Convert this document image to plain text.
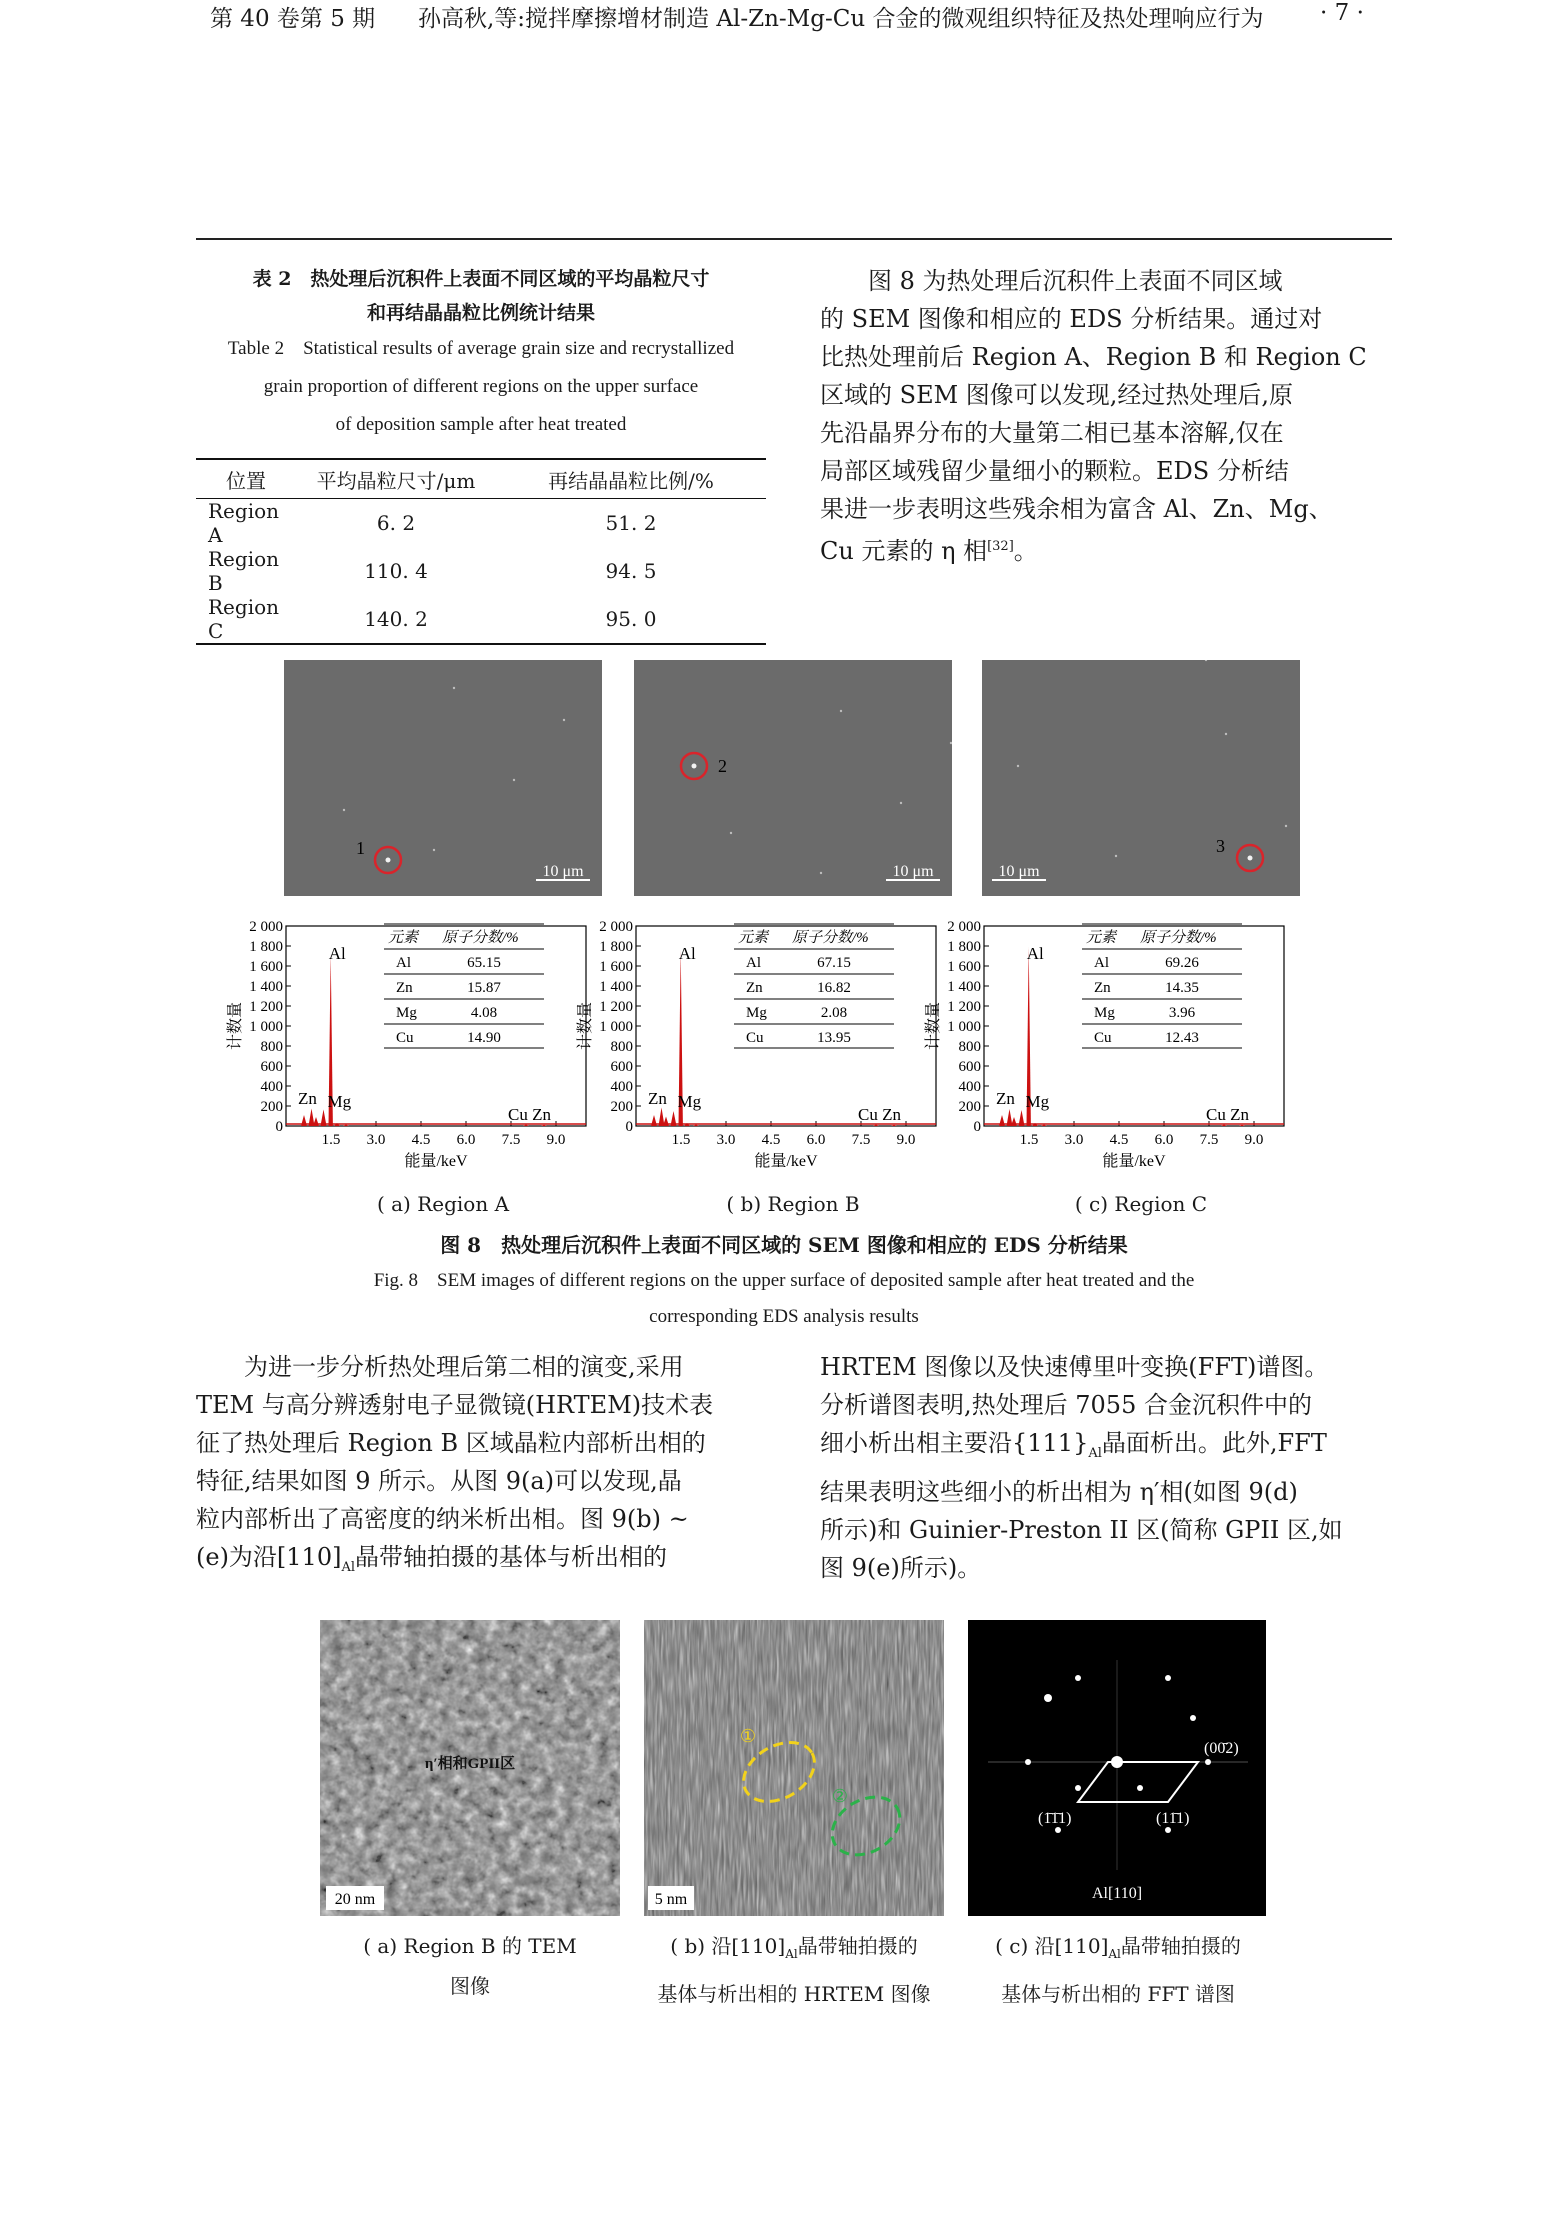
第 40 卷第 5 期 孙高秋,等:搅拌摩擦增材制造 Al-Zn-Mg-Cu 合金的微观组织特征及热处理响应行为 · 7 ·
表 2　热处理后沉积件上表面不同区域的平均晶粒尺寸
和再结晶晶粒比例统计结果
Table 2　Statistical results of average grain size and recrystallized
grain proportion of different regions on the upper surface
of deposition sample after heat treated
位置	平均晶粒尺寸/μm	再结晶晶粒比例/%
Region A	6. 2	51. 2
Region B	110. 4	94. 5
Region C	140. 2	95. 0

图 8 为热处理后沉积件上表面不同区域

的 SEM 图像和相应的 EDS 分析结果。通过对

比热处理前后 Region A、Region B 和 Region C

区域的 SEM 图像可以发现,经过热处理后,原

先沿晶界分布的大量第二相已基本溶解,仅在

局部区域残留少量细小的颗粒。EDS 分析结

果进一步表明这些残余相为富含 Al、Zn、Mg、

Cu 元素的 η 相[32]。

1
10 μm
2 000
1 800
1 600
1 400
1 200
1 000
800
600
400
200
0
1.5 3.0 4.5 6.0 7.5 9.0
计数量
能量/keV
Al
Zn Mg
Cu Zn
元素 原子分数/%
Al	65.15
Zn	15.87
Mg	4.08
Cu	14.90
( a) Region A
2
10 μm
2 000
1 800
1 600
1 400
1 200
1 000
800
600
400
200
0
1.5 3.0 4.5 6.0 7.5 9.0
计数量
能量/keV
Al
Zn Mg
Cu Zn
元素 原子分数/%
Al	67.15
Zn	16.82
Mg	2.08
Cu	13.95
( b) Region B
3
10 μm
2 000
1 800
1 600
1 400
1 200
1 000
800
600
400
200
0
1.5 3.0 4.5 6.0 7.5 9.0
计数量
能量/keV
Al
Zn Mg
Cu Zn
元素 原子分数/%
Al	69.26
Zn	14.35
Mg	3.96
Cu	12.43
( c) Region C
图 8　热处理后沉积件上表面不同区域的 SEM 图像和相应的 EDS 分析结果
Fig. 8　SEM images of different regions on the upper surface of deposited sample after heat treated and the
corresponding EDS analysis results

为进一步分析热处理后第二相的演变,采用

TEM 与高分辨透射电子显微镜(HRTEM)技术表

征了热处理后 Region B 区域晶粒内部析出相的

特征,结果如图 9 所示。从图 9(a)可以发现,晶

粒内部析出了高密度的纳米析出相。图 9(b) ~

(e)为沿$[110]_{Al}$晶带轴拍摄的基体与析出相的

HRTEM 图像以及快速傅里叶变换(FFT)谱图。

分析谱图表明,热处理后 7055 合金沉积件中的

细小析出相主要沿$\{111\}_{Al}$晶面析出。此外,FFT

结果表明这些细小的析出相为 η′相(如图 9(d)

所示)和 Guinier-Preston II 区(简称 GPII 区,如

图 9(e)所示)。

η′相和GPII区
20 nm
①
②
5 nm
(00̄2)
(1̄1̄1)	(11̄1)
Al[110]
( a) Region B 的 TEM
图像
( b) 沿$[110]_{Al}$晶带轴拍摄的
基体与析出相的 HRTEM 图像
( c) 沿$[110]_{Al}$晶带轴拍摄的
基体与析出相的 FFT 谱图
